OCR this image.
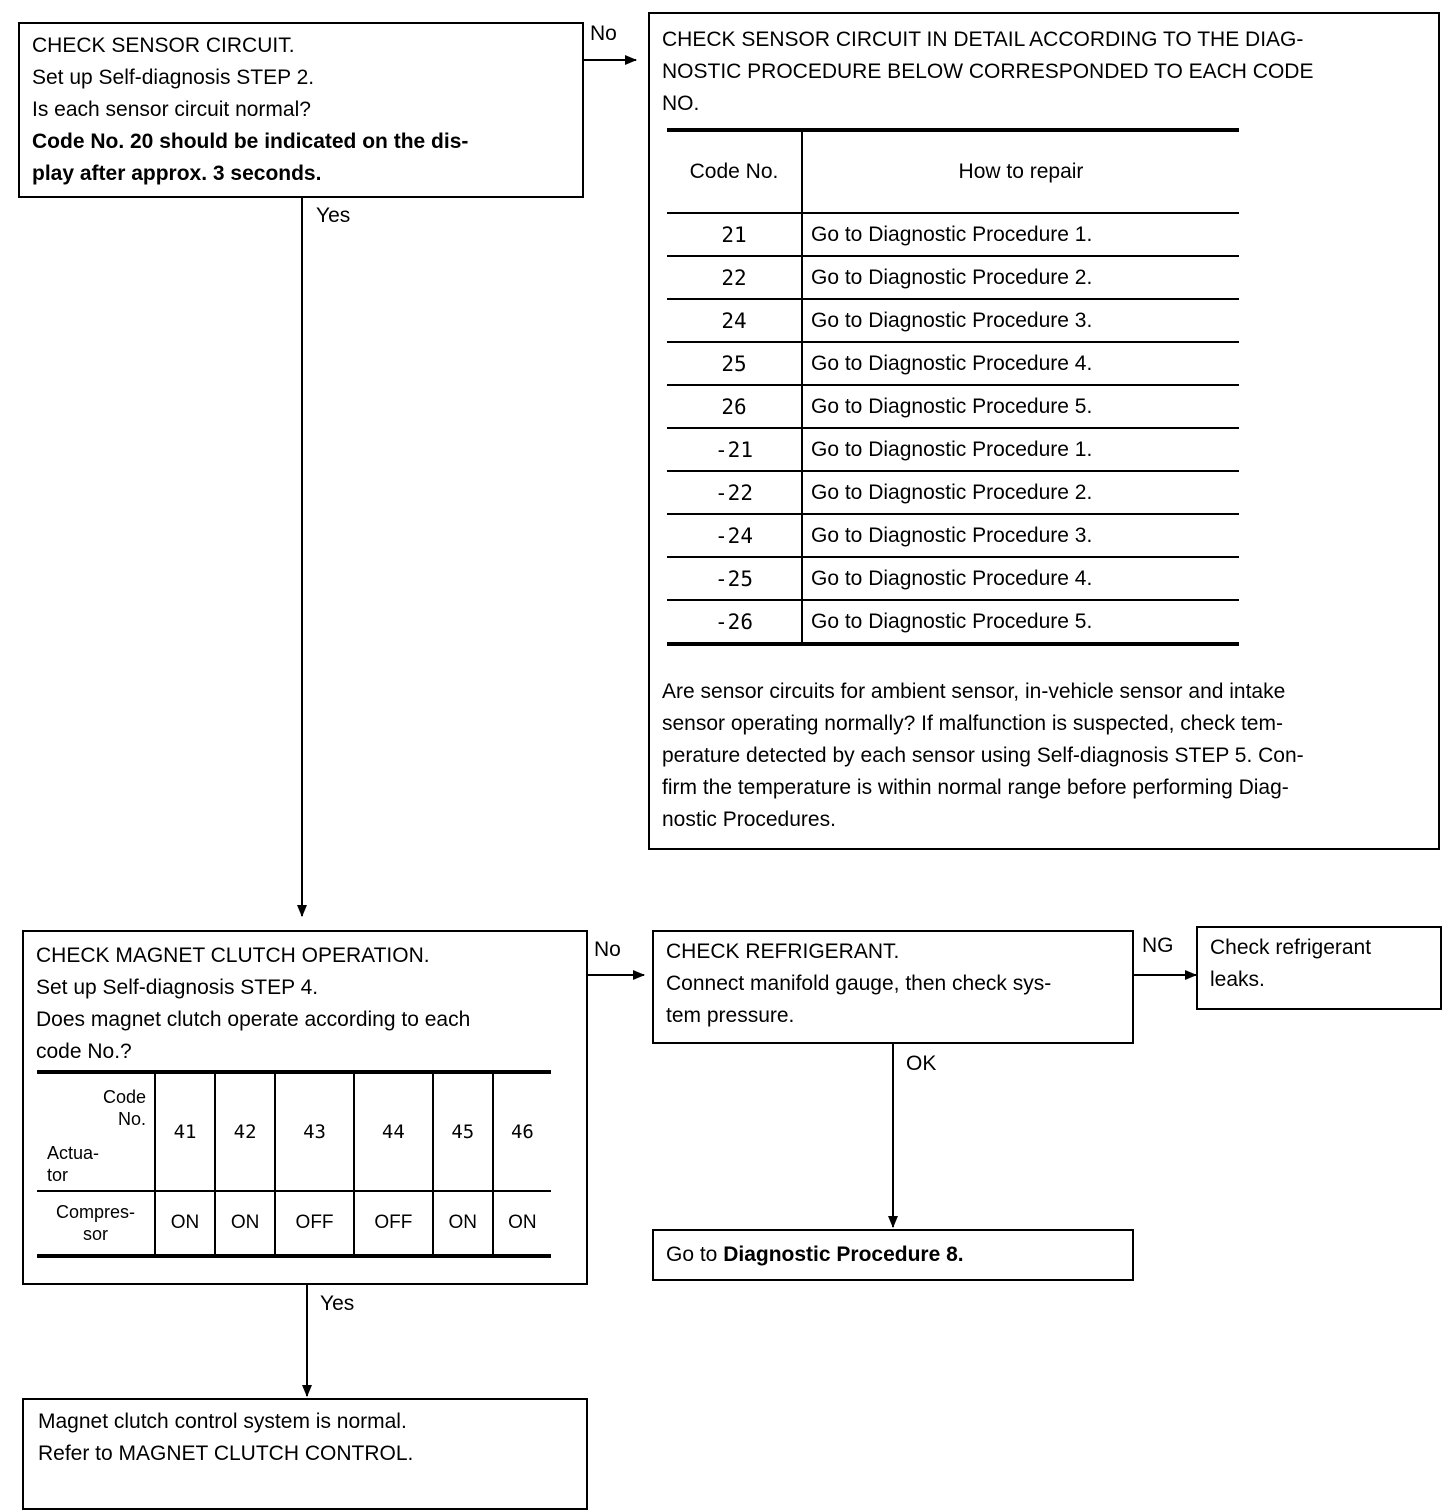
No
Yes
No	NG
OK
Yes

CHECK SENSOR CIRCUIT.

Set up Self-diagnosis STEP 2.

Is each sensor circuit normal?

Code No. 20 should be indicated on the dis-

play after approx. 3 seconds.

CHECK SENSOR CIRCUIT IN DETAIL ACCORDING TO THE DIAG-

NOSTIC PROCEDURE BELOW CORRESPONDED TO EACH CODE

NO.

Code No.	How to repair
21	Go to Diagnostic Procedure 1.
22	Go to Diagnostic Procedure 2.
24	Go to Diagnostic Procedure 3.
25	Go to Diagnostic Procedure 4.
26	Go to Diagnostic Procedure 5.
-21	Go to Diagnostic Procedure 1.
-22	Go to Diagnostic Procedure 2.
-24	Go to Diagnostic Procedure 3.
-25	Go to Diagnostic Procedure 4.
-26	Go to Diagnostic Procedure 5.

Are sensor circuits for ambient sensor, in-vehicle sensor and intake

sensor operating normally? If malfunction is suspected, check tem-

perature detected by each sensor using Self-diagnosis STEP 5. Con-

firm the temperature is within normal range before performing Diag-

nostic Procedures.

CHECK MAGNET CLUTCH OPERATION.

Set up Self-diagnosis STEP 4.

Does magnet clutch operate according to each

code No.?

Code
No.
Actua-
tor	41	42	43	44	45	46

Compres-
sor	ON	ON	OFF	OFF	ON	ON

CHECK REFRIGERANT.

Connect manifold gauge, then check sys-

tem pressure.

Check refrigerant

leaks.

Go to Diagnostic Procedure 8.

Magnet clutch control system is normal.

Refer to MAGNET CLUTCH CONTROL.
